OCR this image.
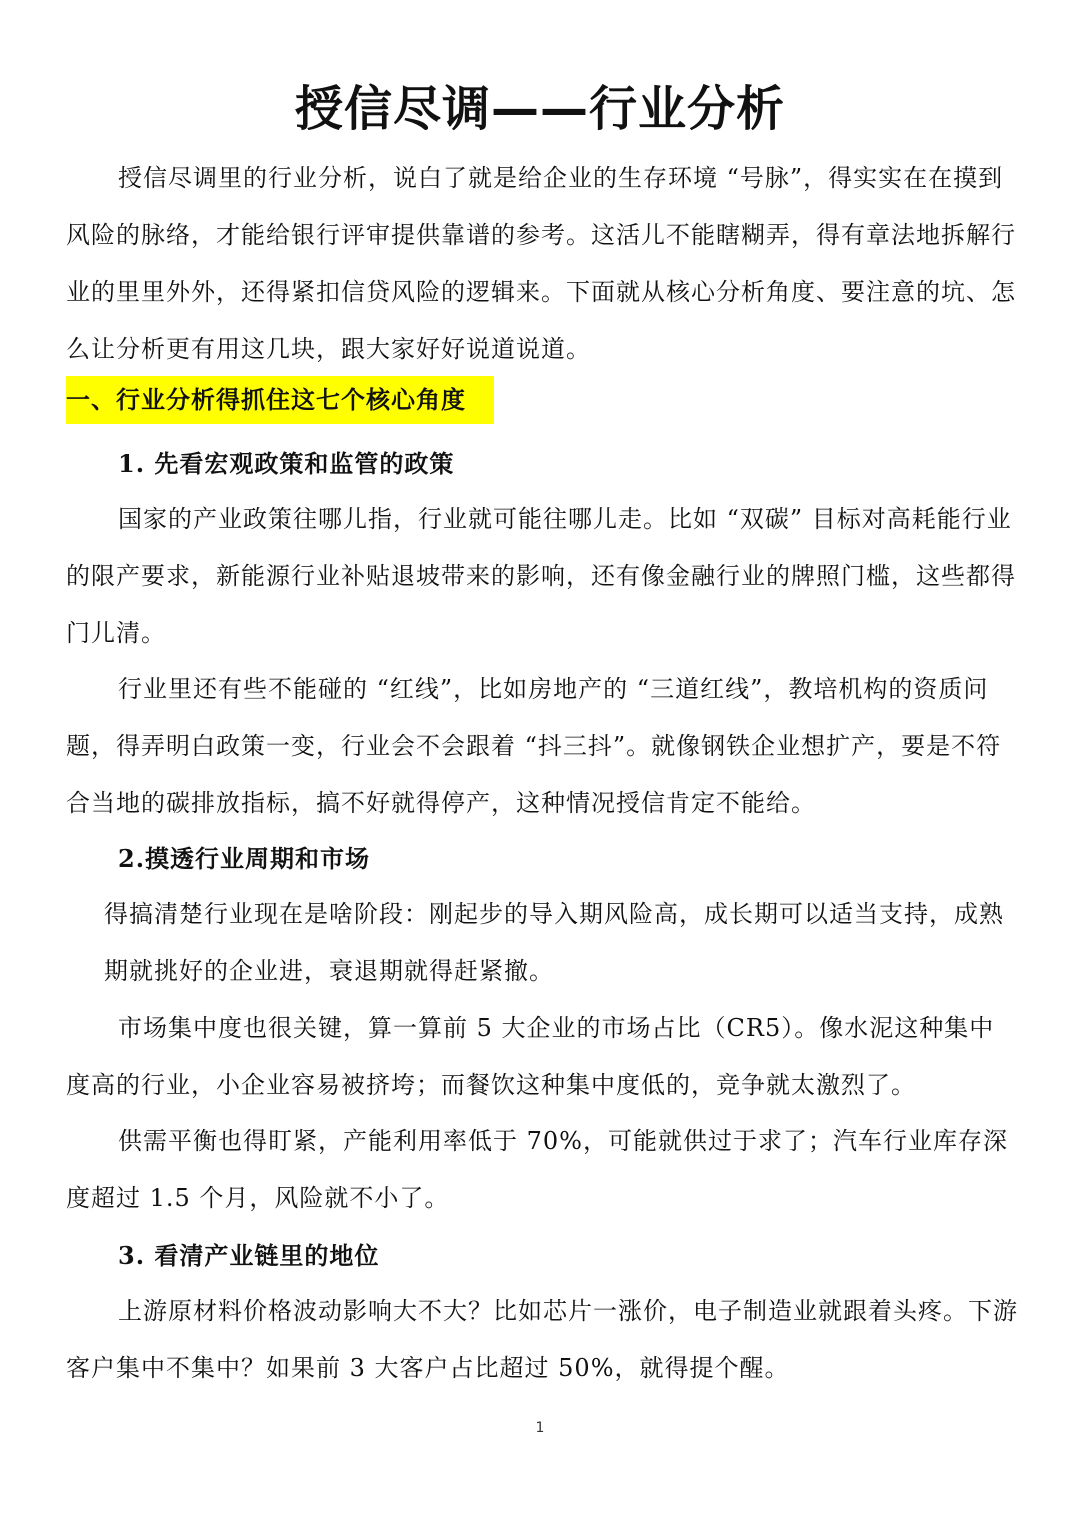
授信尽调——行业分析

授信尽调里的行业分析，说白了就是给企业的生存环境 “号脉”，得实实在在摸到风险的脉络，才能给银行评审提供靠谱的参考。这活儿不能瞎糊弄，得有章法地拆解行业的里里外外，还得紧扣信贷风险的逻辑来。下面就从核心分析角度、要注意的坑、怎么让分析更有用这几块，跟大家好好说道说道。

一、行业分析得抓住这七个核心角度
1. 先看宏观政策和监管的政策

国家的产业政策往哪儿指，行业就可能往哪儿走。比如 “双碳” 目标对高耗能行业的限产要求，新能源行业补贴退坡带来的影响，还有像金融行业的牌照门槛，这些都得门儿清。

行业里还有些不能碰的 “红线”，比如房地产的 “三道红线”，教培机构的资质问题，得弄明白政策一变，行业会不会跟着 “抖三抖”。就像钢铁企业想扩产，要是不符合当地的碳排放指标，搞不好就得停产，这种情况授信肯定不能给。

2.摸透行业周期和市场

得搞清楚行业现在是啥阶段：刚起步的导入期风险高，成长期可以适当支持，成熟期就挑好的企业进，衰退期就得赶紧撤。

市场集中度也很关键，算一算前 5 大企业的市场占比（CR5）。像水泥这种集中度高的行业，小企业容易被挤垮；而餐饮这种集中度低的，竞争就太激烈了。

供需平衡也得盯紧，产能利用率低于 70%，可能就供过于求了；汽车行业库存深度超过 1.5 个月，风险就不小了。

3. 看清产业链里的地位

上游原材料价格波动影响大不大？比如芯片一涨价，电子制造业就跟着头疼。下游客户集中不集中？如果前 3 大客户占比超过 50%，就得提个醒。

1
